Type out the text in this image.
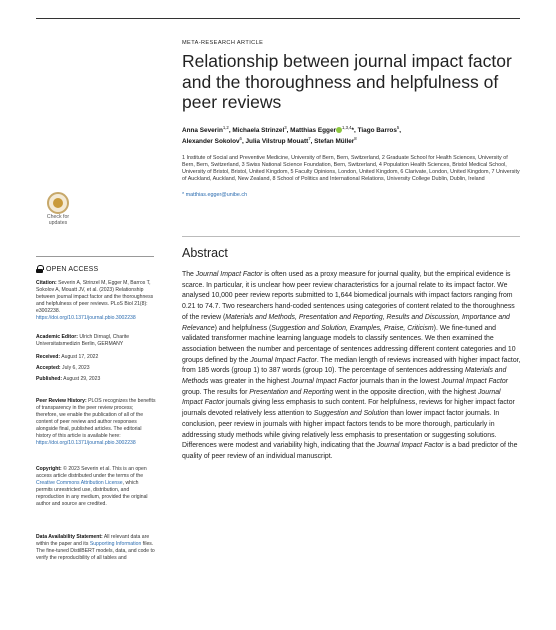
Check for
updates
OPEN ACCESS
Citation: Severin A, Strinzel M, Egger M, Barros T, Sokolov A, Mouatt JV, et al. (2023) Relationship between journal impact factor and the thoroughness and helpfulness of peer reviews. PLoS Biol 21(8): e3002238. https://doi.org/10.1371/journal.pbio.3002238
Academic Editor: Ulrich Dirnagl, Charite Universitatsmedizin Berlin, GERMANY
Received: August 17, 2022
Accepted: July 6, 2023
Published: August 29, 2023
Peer Review History: PLOS recognizes the benefits of transparency in the peer review process; therefore, we enable the publication of all of the content of peer review and author responses alongside final, published articles. The editorial history of this article is available here: https://doi.org/10.1371/journal.pbio.3002238
Copyright: © 2023 Severin et al. This is an open access article distributed under the terms of the Creative Commons Attribution License, which permits unrestricted use, distribution, and reproduction in any medium, provided the original author and source are credited.
Data Availability Statement: All relevant data are within the paper and its Supporting Information files. The fine-tuned DistilBERT models, data, and code to verify the reproducibility of all tables and
META-RESEARCH ARTICLE
Relationship between journal impact factor and the thoroughness and helpfulness of peer reviews
Anna Severin$^{1,2}$, Michaela Strinzel$^3$, Matthias Egger $^{1,3,4}$*, Tiago Barros$^5$,
Alexander Sokolov$^6$, Julia Vilstrup Mouatt$^7$, Stefan Müller$^8$
1 Institute of Social and Preventive Medicine, University of Bern, Bern, Switzerland, 2 Graduate School for Health Sciences, University of Bern, Bern, Switzerland, 3 Swiss National Science Foundation, Bern, Switzerland, 4 Population Health Sciences, Bristol Medical School, University of Bristol, Bristol, United Kingdom, 5 Faculty Opinions, London, United Kingdom, 6 Clarivate, London, United Kingdom, 7 University of Auckland, Auckland, New Zealand, 8 School of Politics and International Relations, University College Dublin, Dublin, Ireland
* matthias.egger@unibe.ch
Abstract
The Journal Impact Factor is often used as a proxy measure for journal quality, but the empirical evidence is scarce. In particular, it is unclear how peer review characteristics for a journal relate to its impact factor. We analysed 10,000 peer review reports submitted to 1,644 biomedical journals with impact factors ranging from 0.21 to 74.7. Two researchers hand-coded sentences using categories of content related to the thoroughness of the review (Materials and Methods, Presentation and Reporting, Results and Discussion, Importance and Relevance) and helpfulness (Suggestion and Solution, Examples, Praise, Criticism). We fine-tuned and validated transformer machine learning language models to classify sentences. We then examined the association between the number and percentage of sentences addressing different content categories and 10 groups defined by the Journal Impact Factor. The median length of reviews increased with higher impact factor, from 185 words (group 1) to 387 words (group 10). The percentage of sentences addressing Materials and Methods was greater in the highest Journal Impact Factor journals than in the lowest Journal Impact Factor group. The results for Presentation and Reporting went in the opposite direction, with the highest Journal Impact Factor journals giving less emphasis to such content. For helpfulness, reviews for higher impact factor journals devoted relatively less attention to Suggestion and Solution than lower impact factor journals. In conclusion, peer review in journals with higher impact factors tends to be more thorough, particularly in addressing study methods while giving relatively less emphasis to presentation or suggesting solutions. Differences were modest and variability high, indicating that the Journal Impact Factor is a bad predictor of the quality of peer review of an individual manuscript.
